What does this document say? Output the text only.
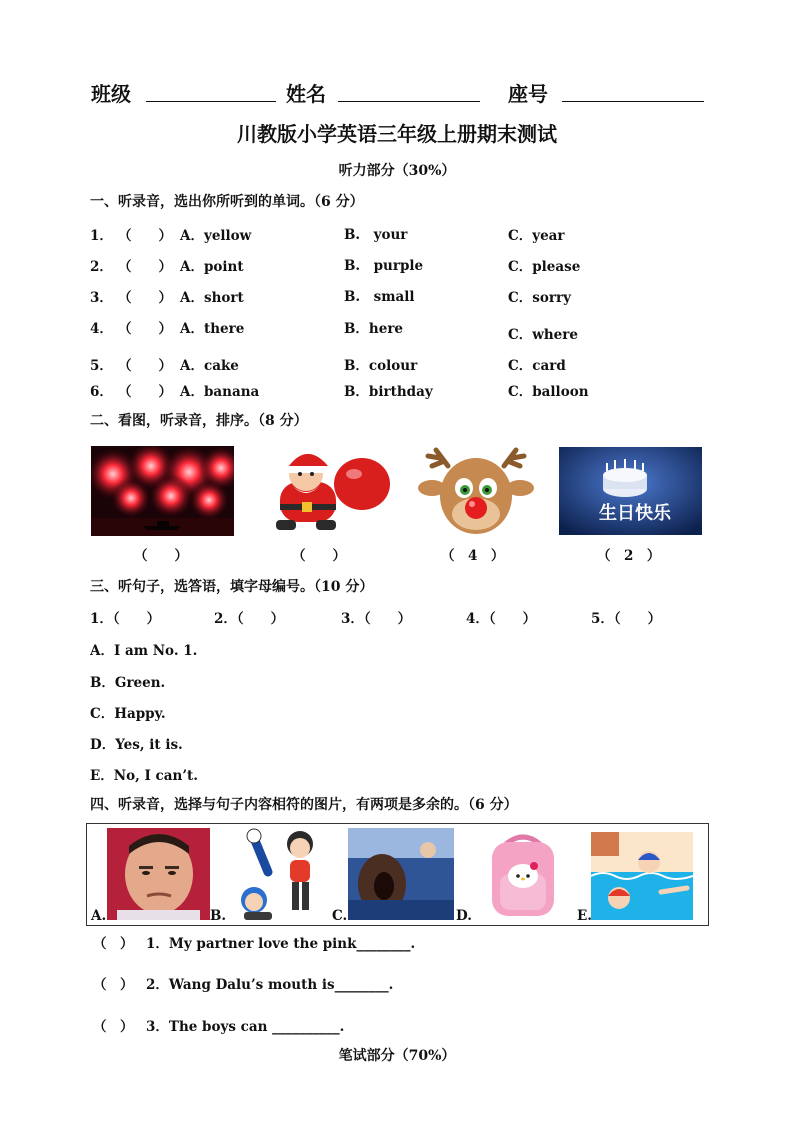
班级	姓名	座号
川教版小学英语三年级上册期末测试
听力部分（30%）
一、听录音，选出你所听到的单词。（6 分）
1． （　　） A．yellow	B.　your	C．year
2． （　　） A．point	B.　purple	C．please
3． （　　） A．short	B.　small	C．sorry
4． （　　） A．there	B．here	C．where
5． （　　） A．cake	B．colour	C．card
6． （　　） A．banana	B．birthday	C．balloon
二、看图，听录音，排序。（8 分）
生日快乐
（　　）	（　　）	（　4　）	（　2　）
三、听句子，选答语，填字母编号。（10 分）
1．（　　）	2．（　　）	3．（　　）	4．（　　）	5．（　　）
A．I am No. 1.
B．Green.
C．Happy.
D．Yes, it is.
E．No, I can’t.
四、听录音，选择与句子内容相符的图片，有两项是多余的。（6 分）
A.	B.	C.	D.	E.
（　） 1．My partner love the pink________.
（　） 2．Wang Dalu’s mouth is________.
（　） 3．The boys can __________.
笔试部分（70%）
